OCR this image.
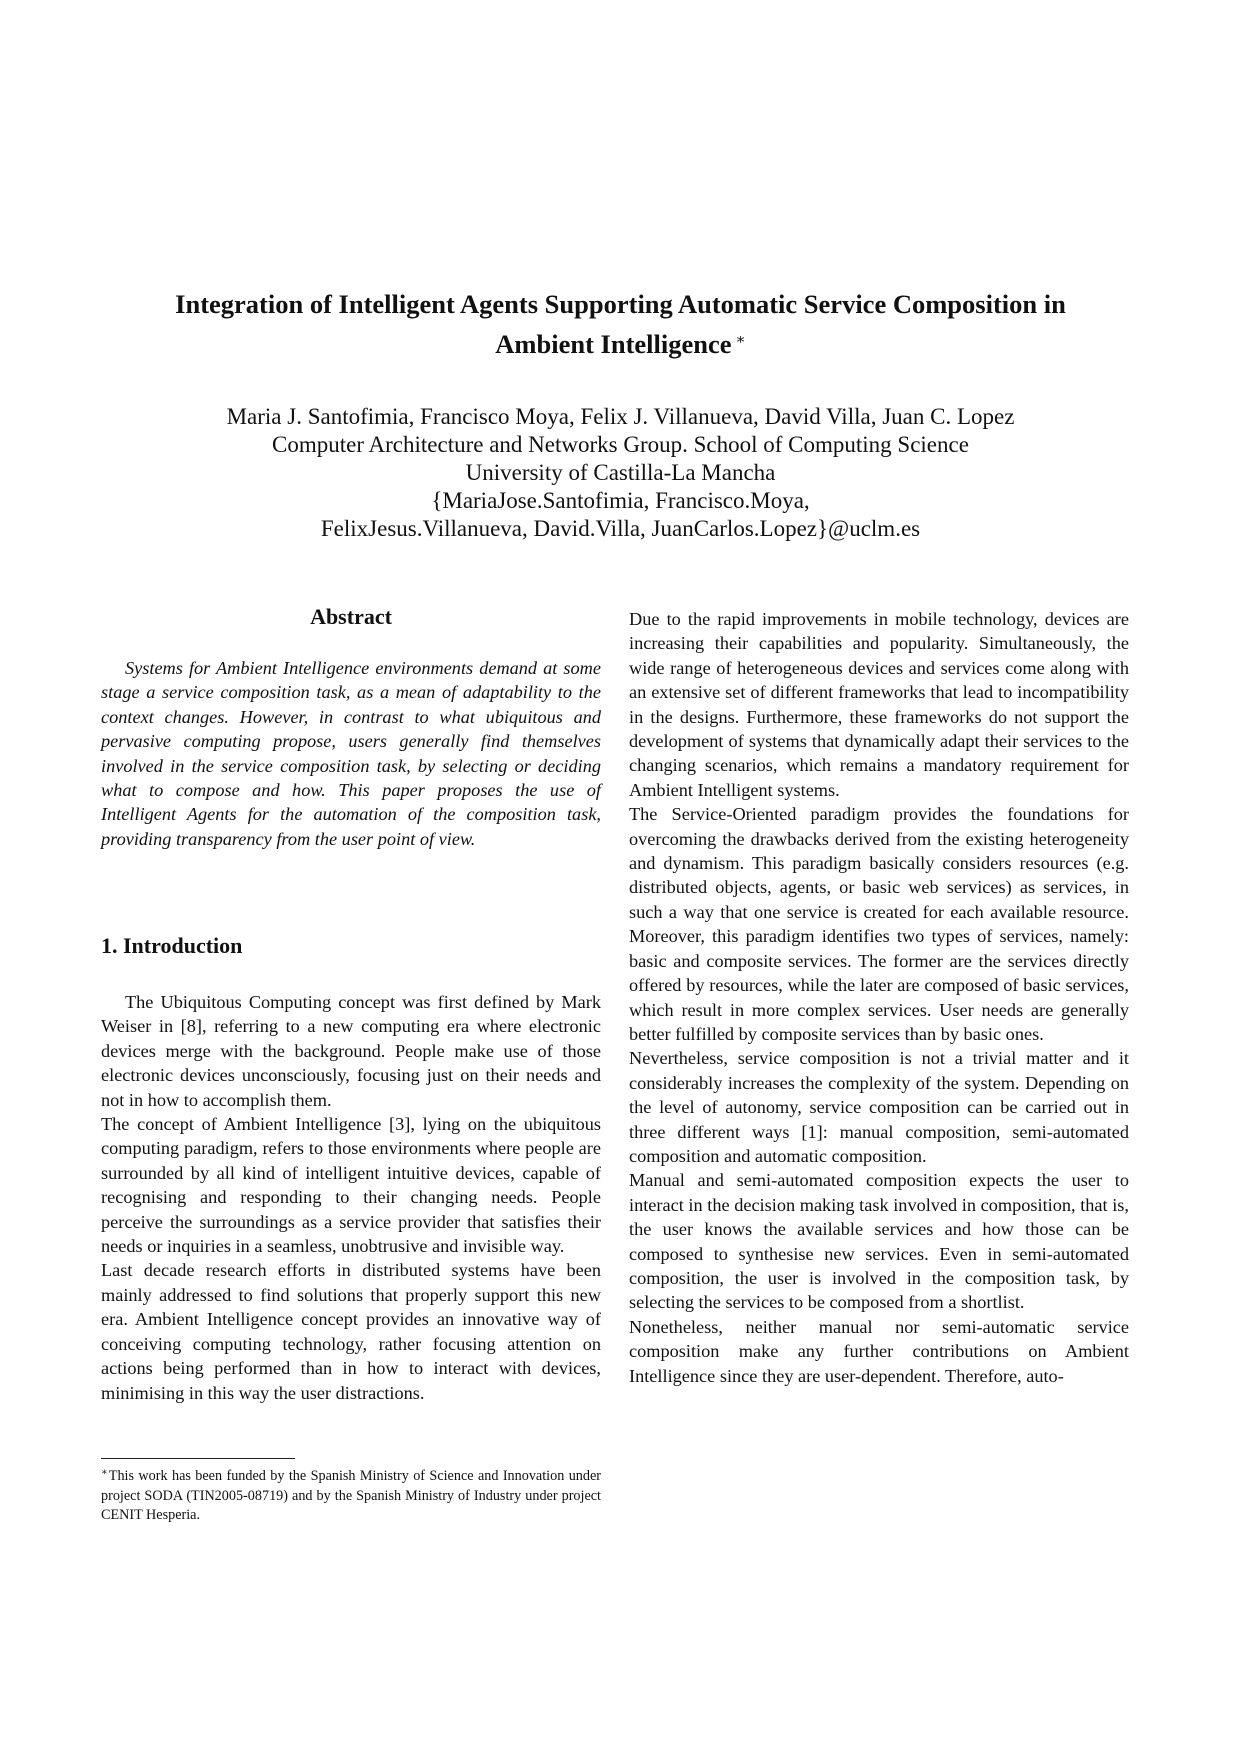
Integration of Intelligent Agents Supporting Automatic Service Composition in
Ambient Intelligence ∗
Maria J. Santofimia, Francisco Moya, Felix J. Villanueva, David Villa, Juan C. Lopez
Computer Architecture and Networks Group. School of Computing Science
University of Castilla-La Mancha
{MariaJose.Santofimia, Francisco.Moya,
FelixJesus.Villanueva, David.Villa, JuanCarlos.Lopez}@uclm.es
Abstract

Systems for Ambient Intelligence environments demand at some stage a service composition task, as a mean of adaptability to the context changes. However, in contrast to what ubiquitous and pervasive computing propose, users generally find themselves involved in the service composition task, by selecting or deciding what to compose and how. This paper proposes the use of Intelligent Agents for the automation of the composition task, providing transparency from the user point of view.

1. Introduction

The Ubiquitous Computing concept was first defined by Mark Weiser in [8], referring to a new computing era where electronic devices merge with the background. People make use of those electronic devices unconsciously, focusing just on their needs and not in how to accomplish them.

The concept of Ambient Intelligence [3], lying on the ubiquitous computing paradigm, refers to those environments where people are surrounded by all kind of intelligent intuitive devices, capable of recognising and responding to their changing needs. People perceive the surroundings as a service provider that satisfies their needs or inquiries in a seamless, unobtrusive and invisible way.

Last decade research efforts in distributed systems have been mainly addressed to find solutions that properly support this new era. Ambient Intelligence concept provides an innovative way of conceiving computing technology, rather focusing attention on actions being performed than in how to interact with devices, minimising in this way the user distractions.

∗This work has been funded by the Spanish Ministry of Science and Innovation under project SODA (TIN2005-08719) and by the Spanish Ministry of Industry under project CENIT Hesperia.

Due to the rapid improvements in mobile technology, devices are increasing their capabilities and popularity. Simultaneously, the wide range of heterogeneous devices and services come along with an extensive set of different frameworks that lead to incompatibility in the designs. Furthermore, these frameworks do not support the development of systems that dynamically adapt their services to the changing scenarios, which remains a mandatory requirement for Ambient Intelligent systems.

The Service-Oriented paradigm provides the foundations for overcoming the drawbacks derived from the existing heterogeneity and dynamism. This paradigm basically considers resources (e.g. distributed objects, agents, or basic web services) as services, in such a way that one service is created for each available resource. Moreover, this paradigm identifies two types of services, namely: basic and composite services. The former are the services directly offered by resources, while the later are composed of basic services, which result in more complex services. User needs are generally better fulfilled by composite services than by basic ones.

Nevertheless, service composition is not a trivial matter and it considerably increases the complexity of the system. Depending on the level of autonomy, service composition can be carried out in three different ways [1]: manual composition, semi-automated composition and automatic composition.

Manual and semi-automated composition expects the user to interact in the decision making task involved in composition, that is, the user knows the available services and how those can be composed to synthesise new services. Even in semi-automated composition, the user is involved in the composition task, by selecting the services to be composed from a shortlist.

Nonetheless, neither manual nor semi-automatic service composition make any further contributions on Ambient Intelligence since they are user-dependent. Therefore, auto-
